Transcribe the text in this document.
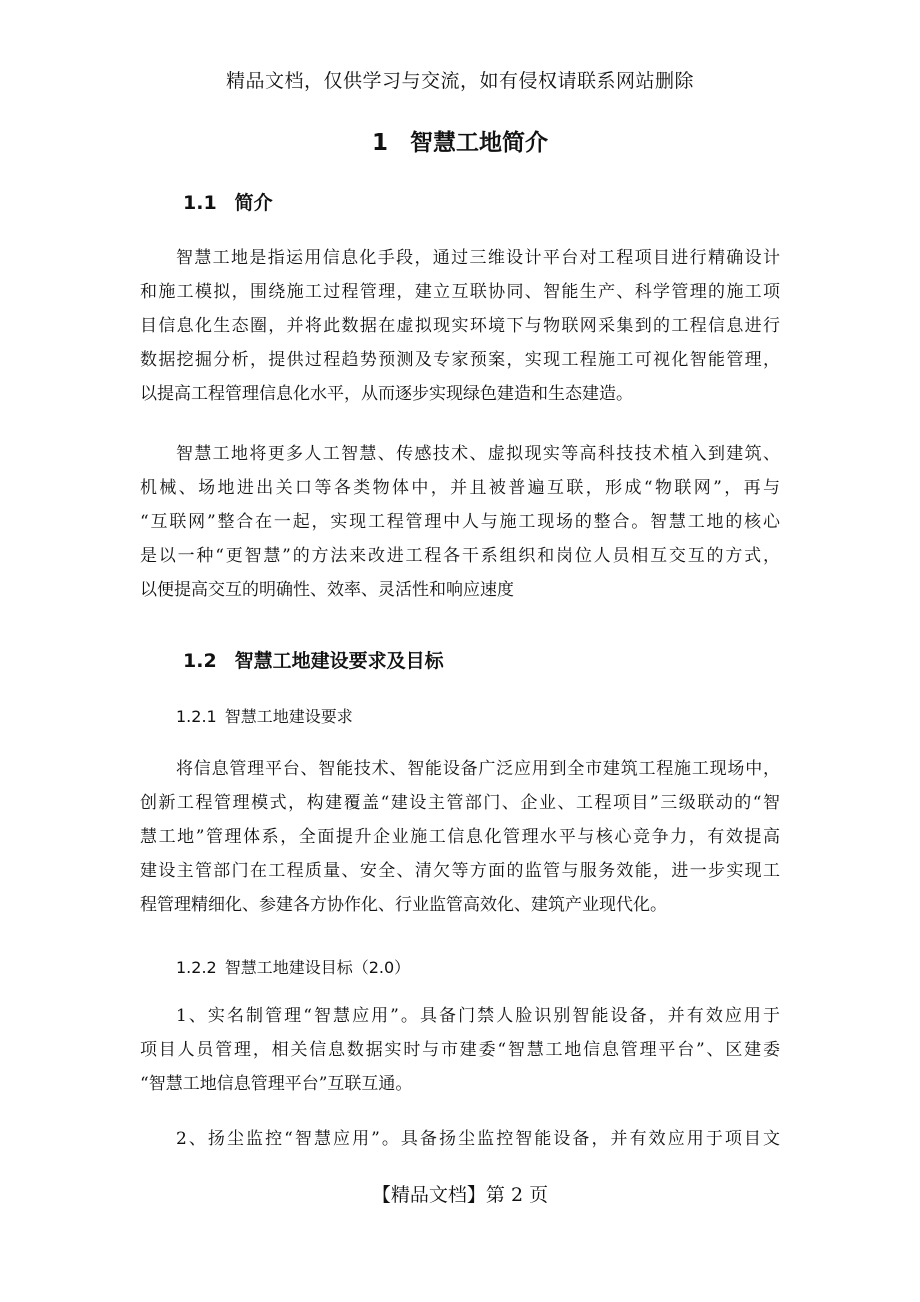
精品文档，仅供学习与交流，如有侵权请联系网站删除
1 智慧工地简介
1.1 简介
智慧工地是指运用信息化手段，通过三维设计平台对工程项目进行精确设计
和施工模拟，围绕施工过程管理，建立互联协同、智能生产、科学管理的施工项
目信息化生态圈，并将此数据在虚拟现实环境下与物联网采集到的工程信息进行
数据挖掘分析，提供过程趋势预测及专家预案，实现工程施工可视化智能管理，
以提高工程管理信息化水平，从而逐步实现绿色建造和生态建造。
智慧工地将更多人工智慧、传感技术、虚拟现实等高科技技术植入到建筑、
机械、场地进出关口等各类物体中，并且被普遍互联，形成“物联网”，再与
“互联网”整合在一起，实现工程管理中人与施工现场的整合。智慧工地的核心
是以一种“更智慧”的方法来改进工程各干系组织和岗位人员相互交互的方式，
以便提高交互的明确性、效率、灵活性和响应速度
1.2 智慧工地建设要求及目标
1.2.1 智慧工地建设要求
将信息管理平台、智能技术、智能设备广泛应用到全市建筑工程施工现场中，
创新工程管理模式，构建覆盖“建设主管部门、企业、工程项目”三级联动的“智
慧工地”管理体系，全面提升企业施工信息化管理水平与核心竞争力，有效提高
建设主管部门在工程质量、安全、清欠等方面的监管与服务效能，进一步实现工
程管理精细化、参建各方协作化、行业监管高效化、建筑产业现代化。
1.2.2 智慧工地建设目标（2.0）
1、实名制管理“智慧应用”。具备门禁人脸识别智能设备，并有效应用于
项目人员管理，相关信息数据实时与市建委“智慧工地信息管理平台”、区建委
“智慧工地信息管理平台”互联互通。
2、扬尘监控“智慧应用”。具备扬尘监控智能设备，并有效应用于项目文
【精品文档】第 2 页
